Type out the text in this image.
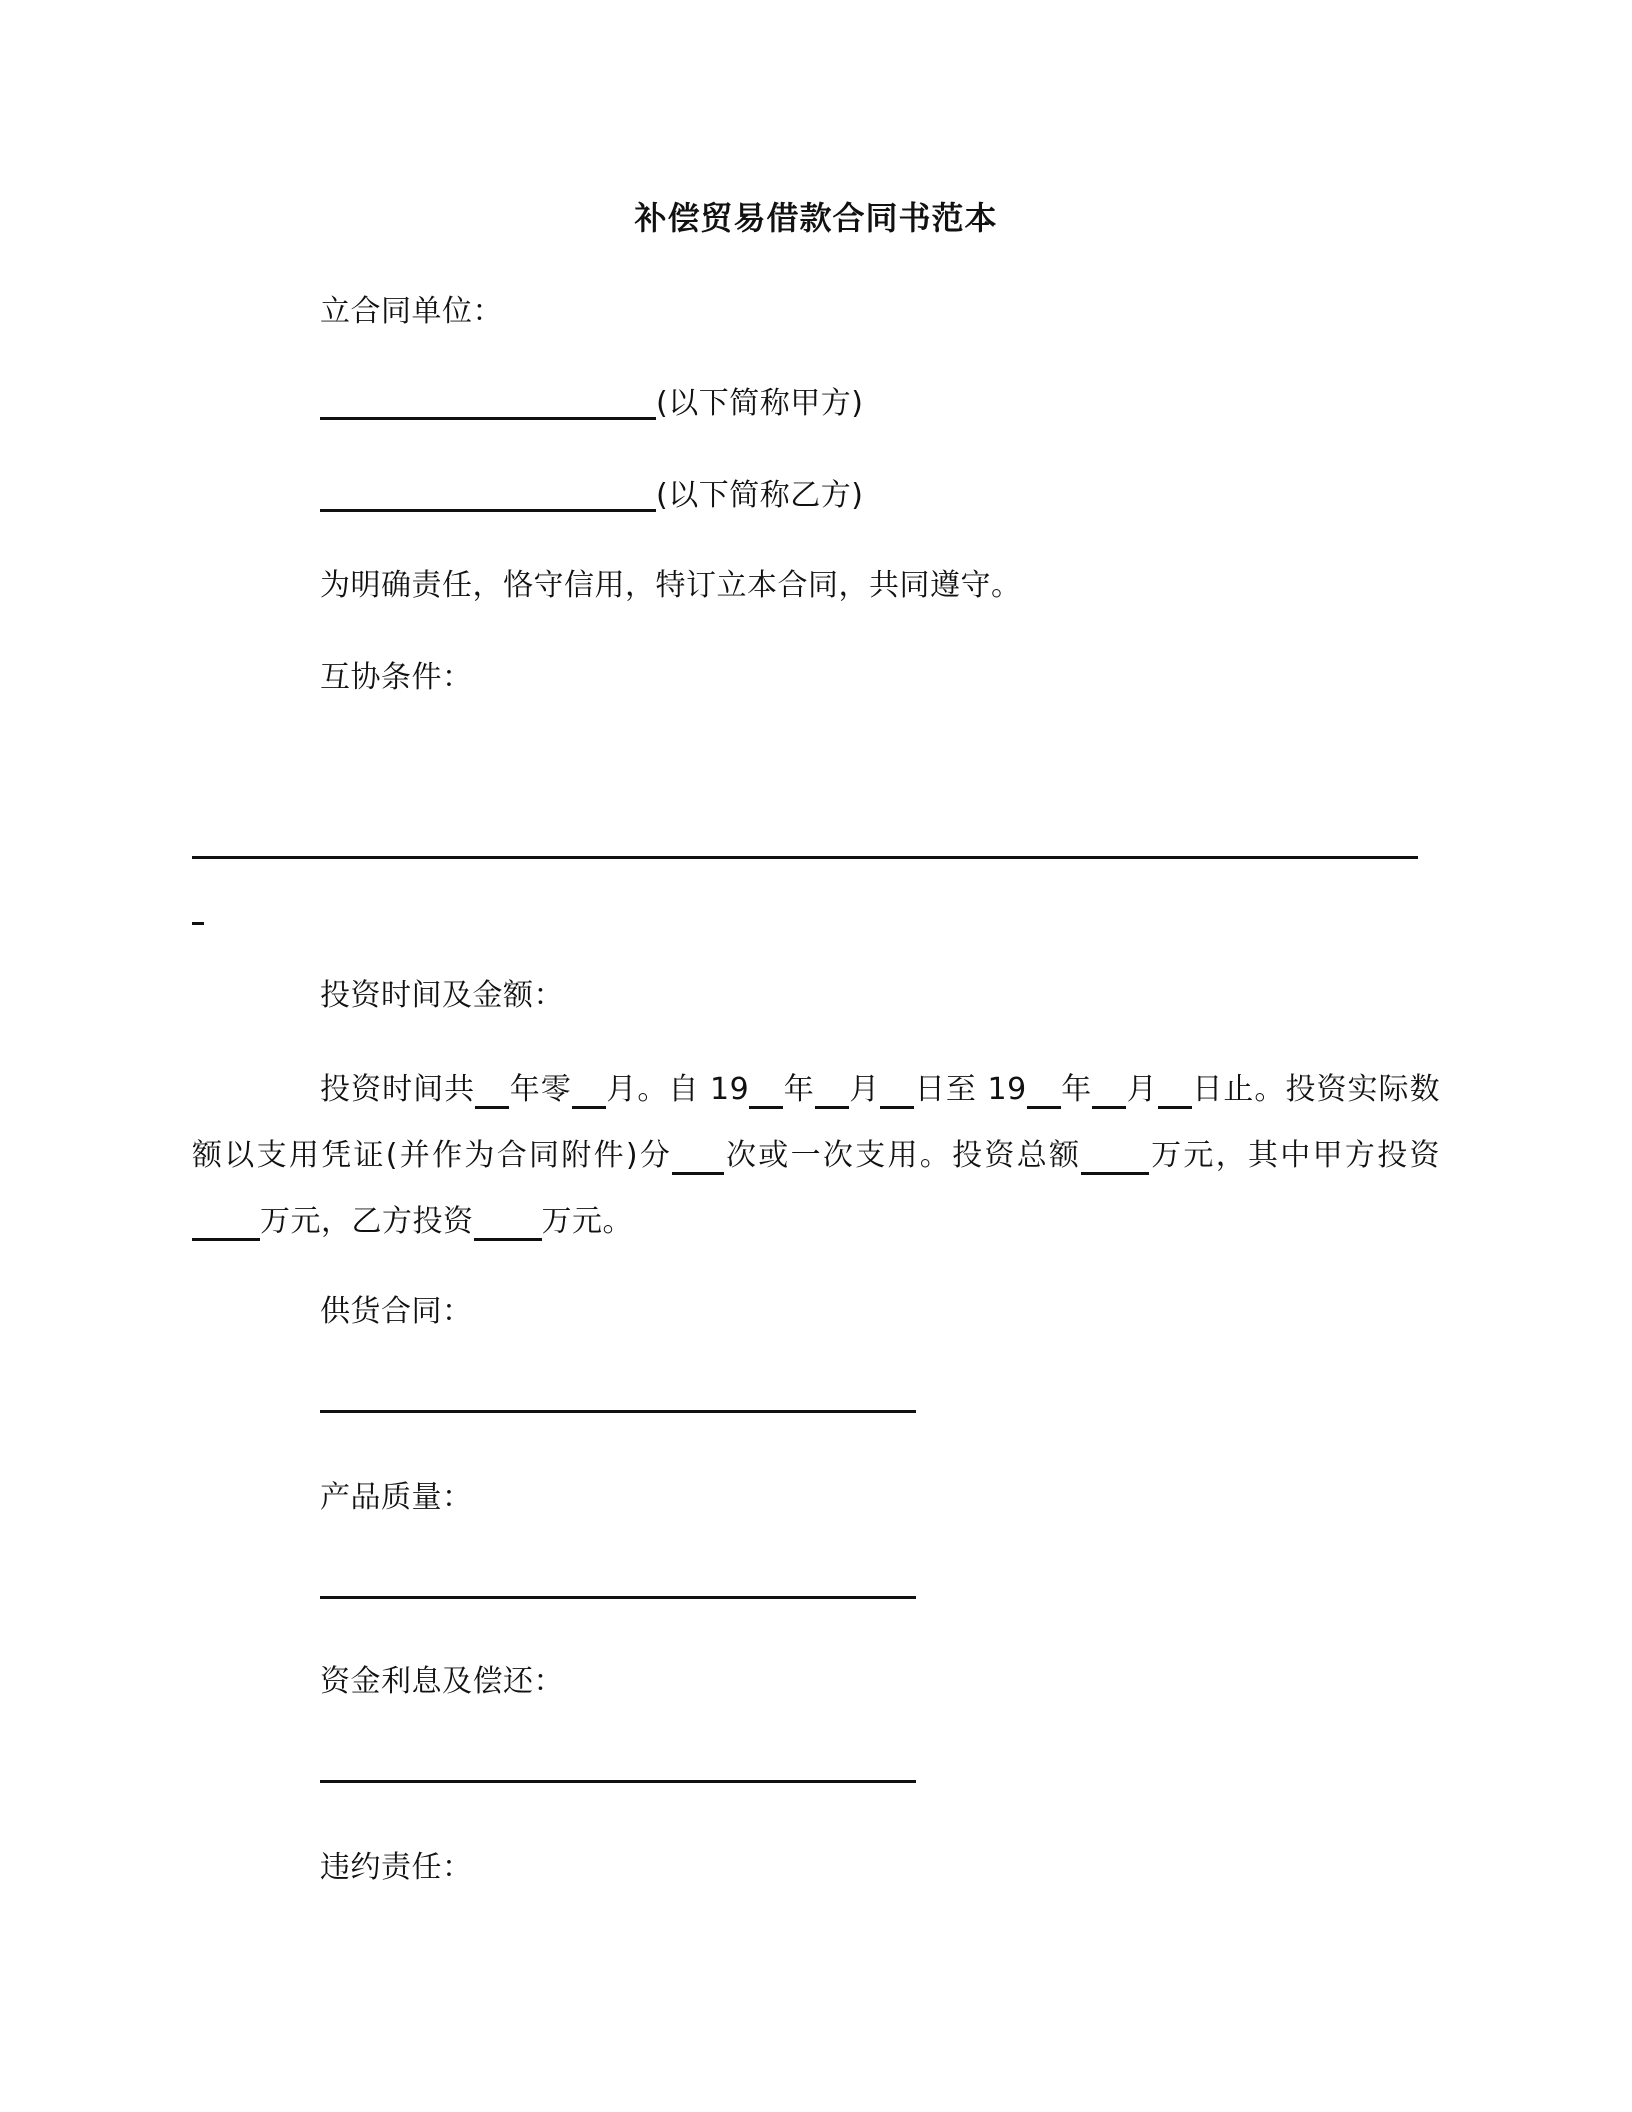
补偿贸易借款合同书范本
立合同单位：
(以下简称甲方)
(以下简称乙方)
为明确责任，恪守信用，特订立本合同，共同遵守。
互协条件：
投资时间及金额：
投资时间共 年零 月。自 19 年 月 日至 19 年 月 日止。投资实际数额以支用凭证(并作为合同附件)分 次或一次支用。投资总额 万元，其中甲方投资万元，乙方投资 万元。
供货合同：
产品质量：
资金利息及偿还：
违约责任：
